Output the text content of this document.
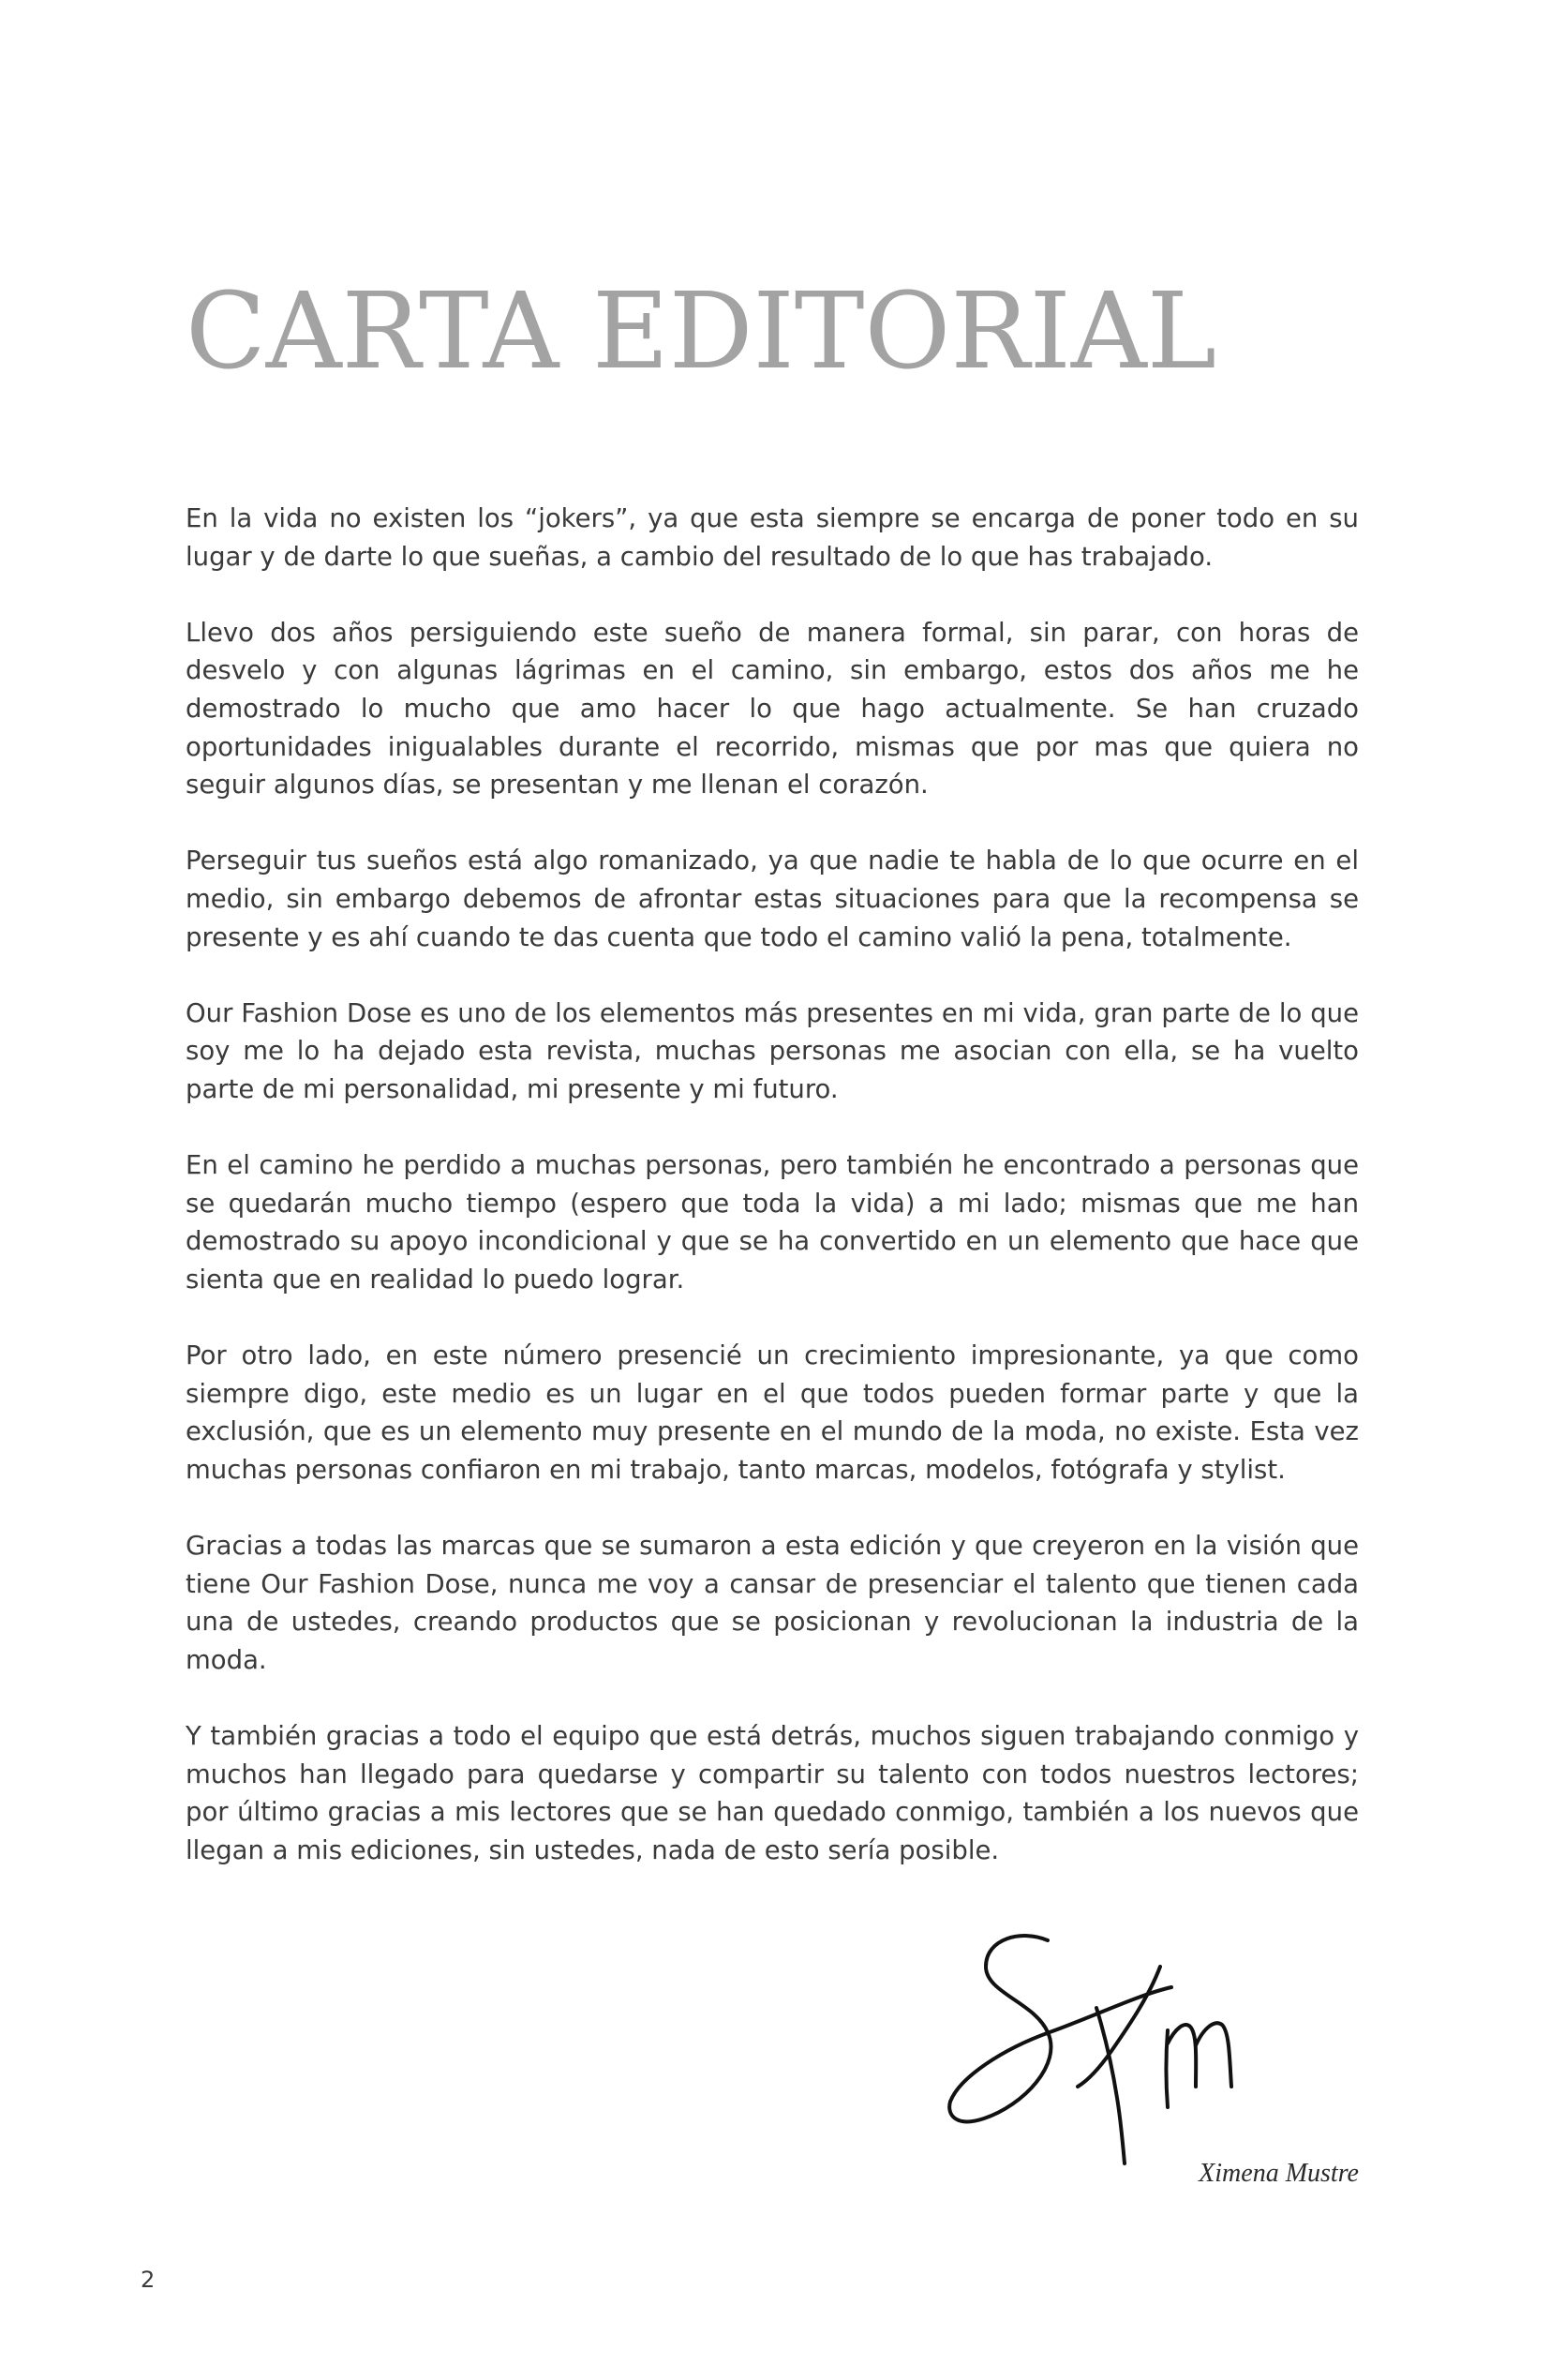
CARTA EDITORIAL

En la vida no existen los “jokers”, ya que esta siempre se encarga de poner todo en su lugar y de darte lo que sueñas, a cambio del resultado de lo que has trabajado.

Llevo dos años persiguiendo este sueño de manera formal, sin parar, con horas de desvelo y con algunas lágrimas en el camino, sin embargo, estos dos años me he demostrado lo mucho que amo hacer lo que hago actualmente. Se han cruzado oportunidades inigualables durante el recorrido, mismas que por mas que quiera no seguir algunos días, se presentan y me llenan el corazón.

Perseguir tus sueños está algo romanizado, ya que nadie te habla de lo que ocurre en el medio, sin embargo debemos de afrontar estas situaciones para que la recompensa se presente y es ahí cuando te das cuenta que todo el camino valió la pena, totalmente.

Our Fashion Dose es uno de los elementos más presentes en mi vida, gran parte de lo que soy me lo ha dejado esta revista, muchas personas me asocian con ella, se ha vuelto parte de mi personalidad, mi presente y mi futuro.

En el camino he perdido a muchas personas, pero también he encontrado a personas que se quedarán mucho tiempo (espero que toda la vida) a mi lado; mismas que me han demostrado su apoyo incondicional y que se ha convertido en un elemento que hace que sienta que en realidad lo puedo lograr.

Por otro lado, en este número presencié un crecimiento impresionante, ya que como siempre digo, este medio es un lugar en el que todos pueden formar parte y que la exclusión, que es un elemento muy presente en el mundo de la moda, no existe. Esta vez muchas personas confiaron en mi trabajo, tanto marcas, modelos, fotógrafa y stylist.

Gracias a todas las marcas que se sumaron a esta edición y que creyeron en la visión que tiene Our Fashion Dose, nunca me voy a cansar de presenciar el talento que tienen cada una de ustedes, creando productos que se posicionan y revolucionan la industria de la moda.

Y también gracias a todo el equipo que está detrás, muchos siguen trabajando conmigo y muchos han llegado para quedarse y compartir su talento con todos nuestros lectores; por último gracias a mis lectores que se han quedado conmigo, también a los nuevos que llegan a mis ediciones, sin ustedes, nada de esto sería posible.

Ximena Mustre
2
